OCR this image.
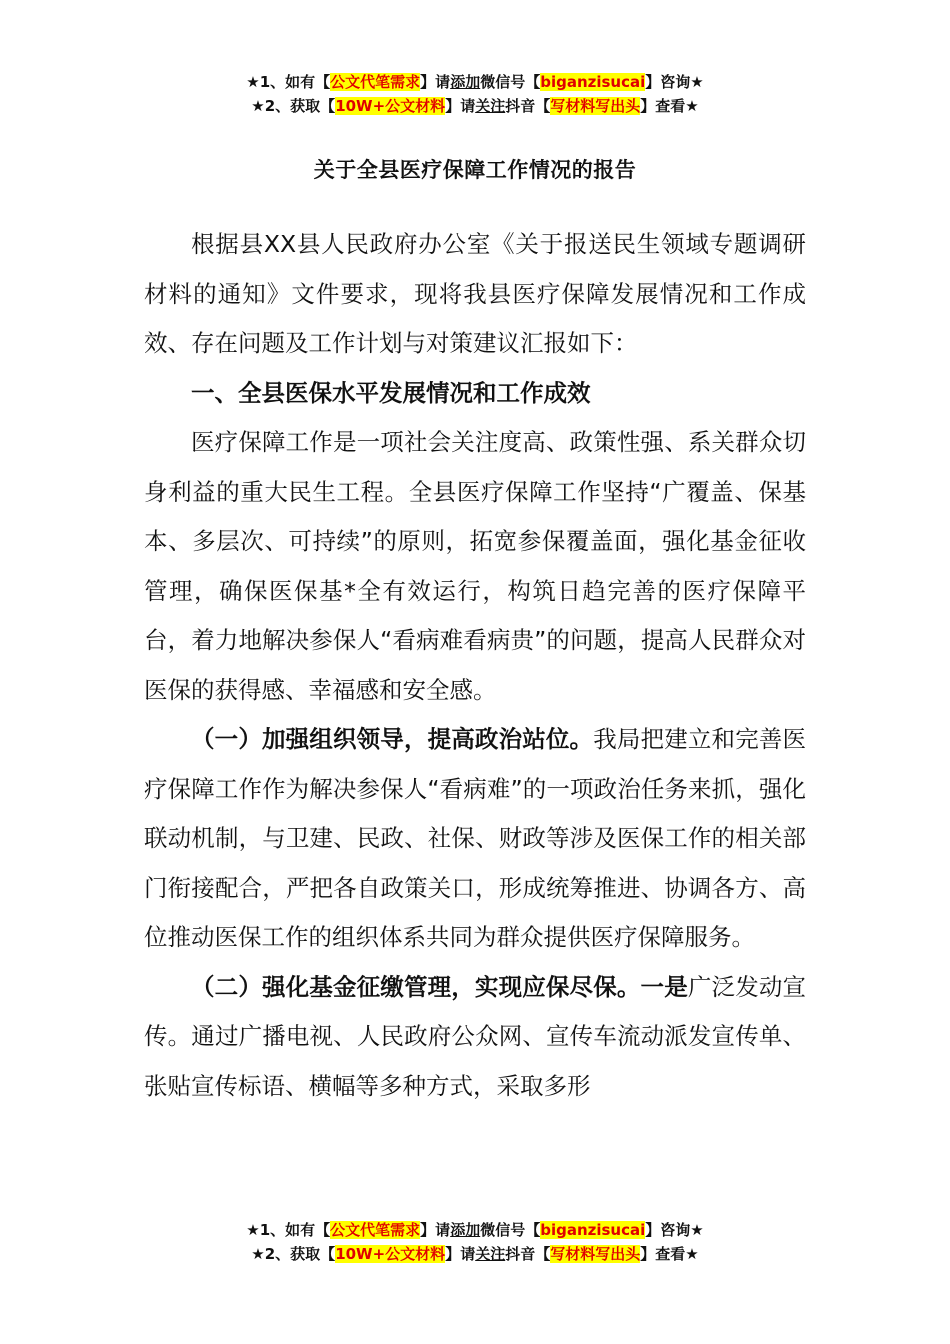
★1、如有【公文代笔需求】请添加微信号【biganzisucai】咨询★
★2、获取【10W+公文材料】请关注抖音【写材料写出头】查看★
关于全县医疗保障工作情况的报告

根据县XX县人民政府办公室《关于报送民生领域专题调研材料的通知》文件要求，现将我县医疗保障发展情况和工作成效、存在问题及工作计划与对策建议汇报如下：

一、全县医保水平发展情况和工作成效

医疗保障工作是一项社会关注度高、政策性强、系关群众切身利益的重大民生工程。全县医疗保障工作坚持“广覆盖、保基本、多层次、可持续”的原则，拓宽参保覆盖面，强化基金征收管理，确保医保基*全有效运行，构筑日趋完善的医疗保障平台，着力地解决参保人“看病难看病贵”的问题，提高人民群众对医保的获得感、幸福感和安全感。

（一）加强组织领导，提高政治站位。我局把建立和完善医疗保障工作作为解决参保人“看病难”的一项政治任务来抓，强化联动机制，与卫建、民政、社保、财政等涉及医保工作的相关部门衔接配合，严把各自政策关口，形成统筹推进、协调各方、高位推动医保工作的组织体系共同为群众提供医疗保障服务。

（二）强化基金征缴管理，实现应保尽保。一是广泛发动宣传。通过广播电视、人民政府公众网、宣传车流动派发宣传单、张贴宣传标语、横幅等多种方式，采取多形

★1、如有【公文代笔需求】请添加微信号【biganzisucai】咨询★
★2、获取【10W+公文材料】请关注抖音【写材料写出头】查看★
